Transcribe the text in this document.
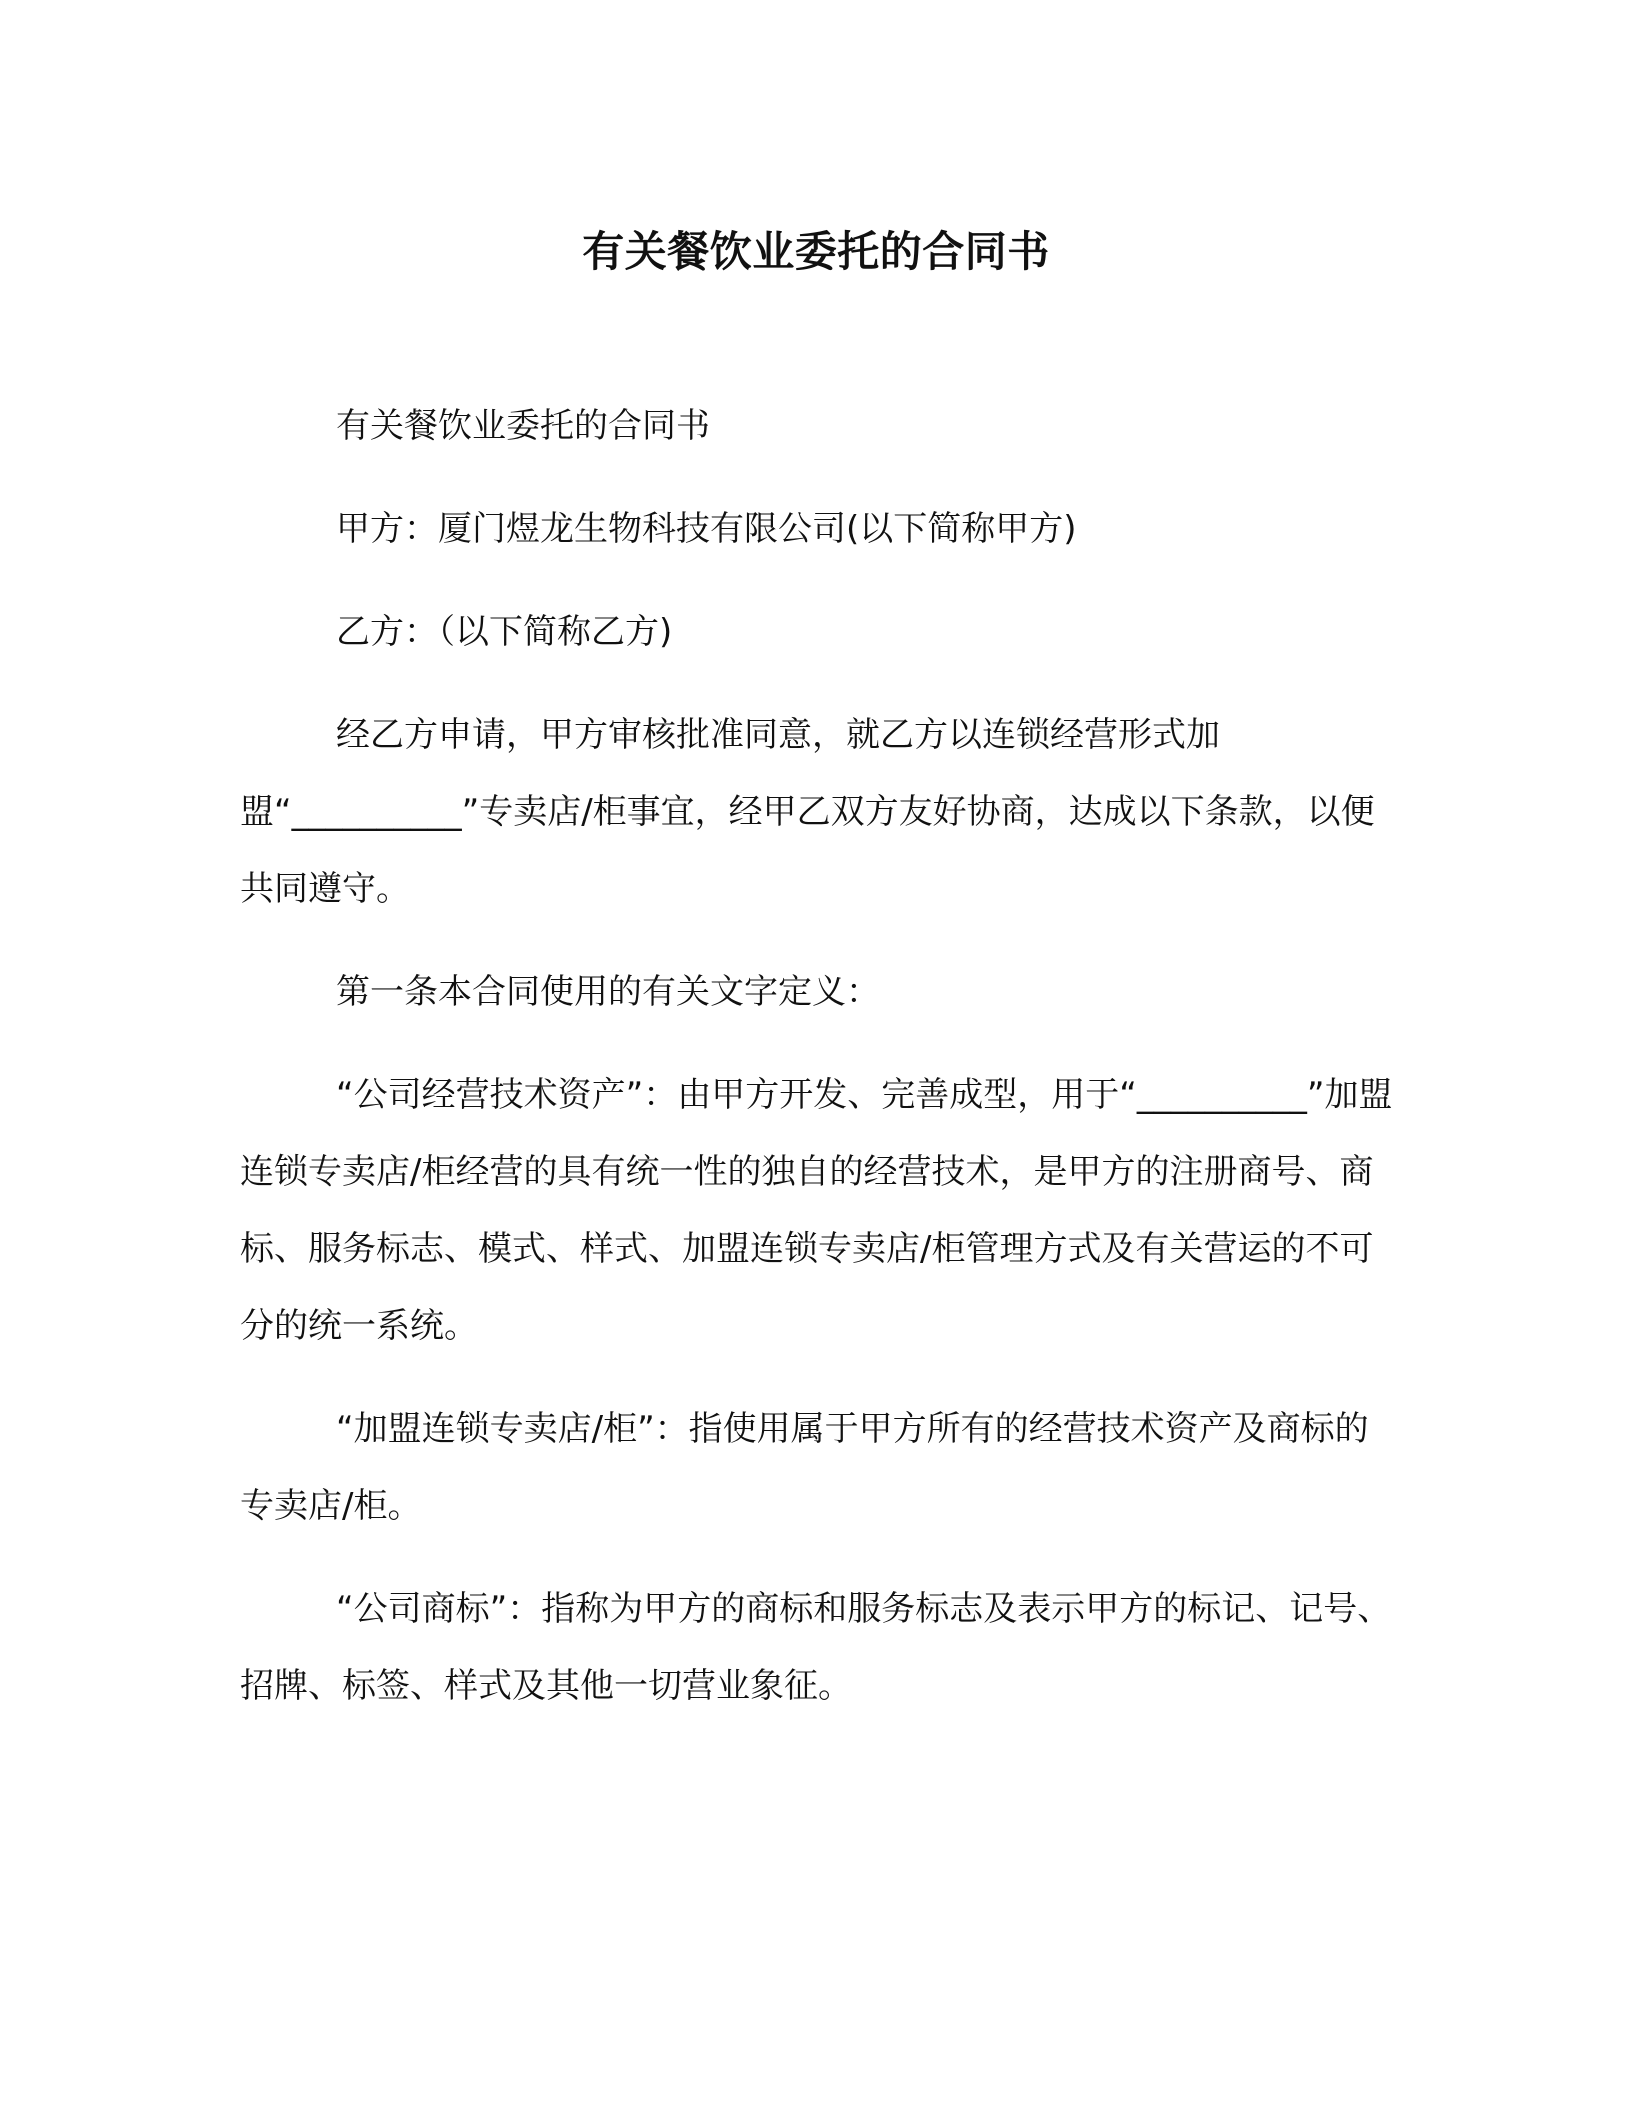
有关餐饮业委托的合同书

有关餐饮业委托的合同书

甲方：厦门煜龙生物科技有限公司(以下简称甲方)

乙方：（以下简称乙方)

经乙方申请，甲方审核批准同意，就乙方以连锁经营形式加盟“__________”专卖店/柜事宜，经甲乙双方友好协商，达成以下条款，以便共同遵守。

第一条本合同使用的有关文字定义：

“公司经营技术资产”：由甲方开发、完善成型，用于“__________”加盟连锁专卖店/柜经营的具有统一性的独自的经营技术，是甲方的注册商号、商标、服务标志、模式、样式、加盟连锁专卖店/柜管理方式及有关营运的不可分的统一系统。

“加盟连锁专卖店/柜”：指使用属于甲方所有的经营技术资产及商标的专卖店/柜。

“公司商标”：指称为甲方的商标和服务标志及表示甲方的标记、记号、招牌、标签、样式及其他一切营业象征。
